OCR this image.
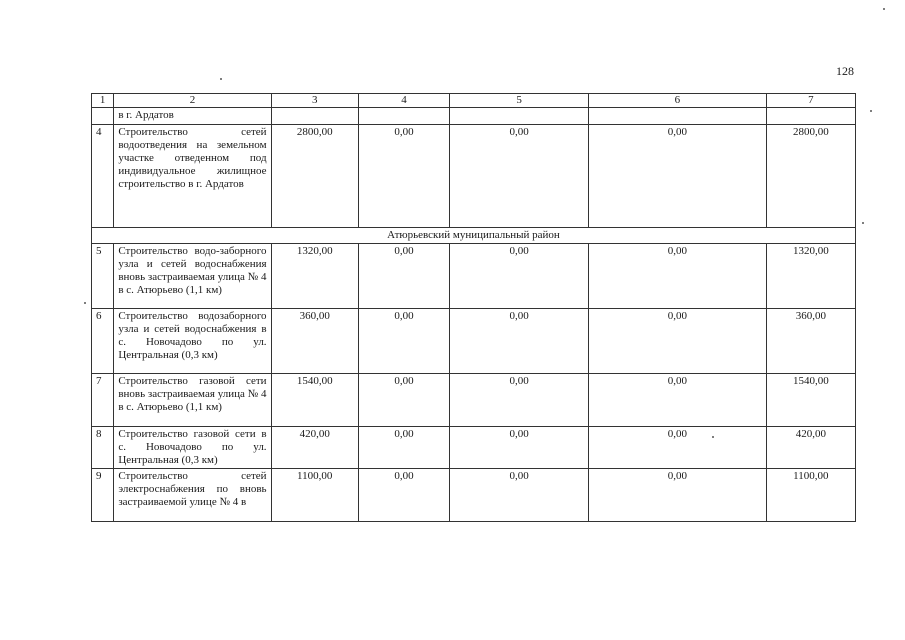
128
1	2	3	4	5	6	7
	в г. Ардатов					
4	Строительство сетей водоотведения на земельном участке отведенном под индивидуальное жилищное строительство в г. Ардатов	2800,00	0,00	0,00	0,00	2800,00
Атюрьевский муниципальный район						
5	Строительство водо-заборного узла и сетей водоснабжения вновь застраиваемая улица № 4 в с. Атюрьево (1,1 км)	1320,00	0,00	0,00	0,00	1320,00
6	Строительство водозаборного узла и сетей водоснабжения в с. Новочадово по ул. Центральная (0,3 км)	360,00	0,00	0,00	0,00	360,00
7	Строительство газовой сети вновь застраиваемая улица № 4 в с. Атюрьево (1,1 км)	1540,00	0,00	0,00	0,00	1540,00
8	Строительство газовой сети в с. Новочадово по ул. Центральная (0,3 км)	420,00	0,00	0,00	0,00	420,00
9	Строительство сетей электроснабжения по вновь застраиваемой улице № 4 в	1100,00	0,00	0,00	0,00	1100,00
